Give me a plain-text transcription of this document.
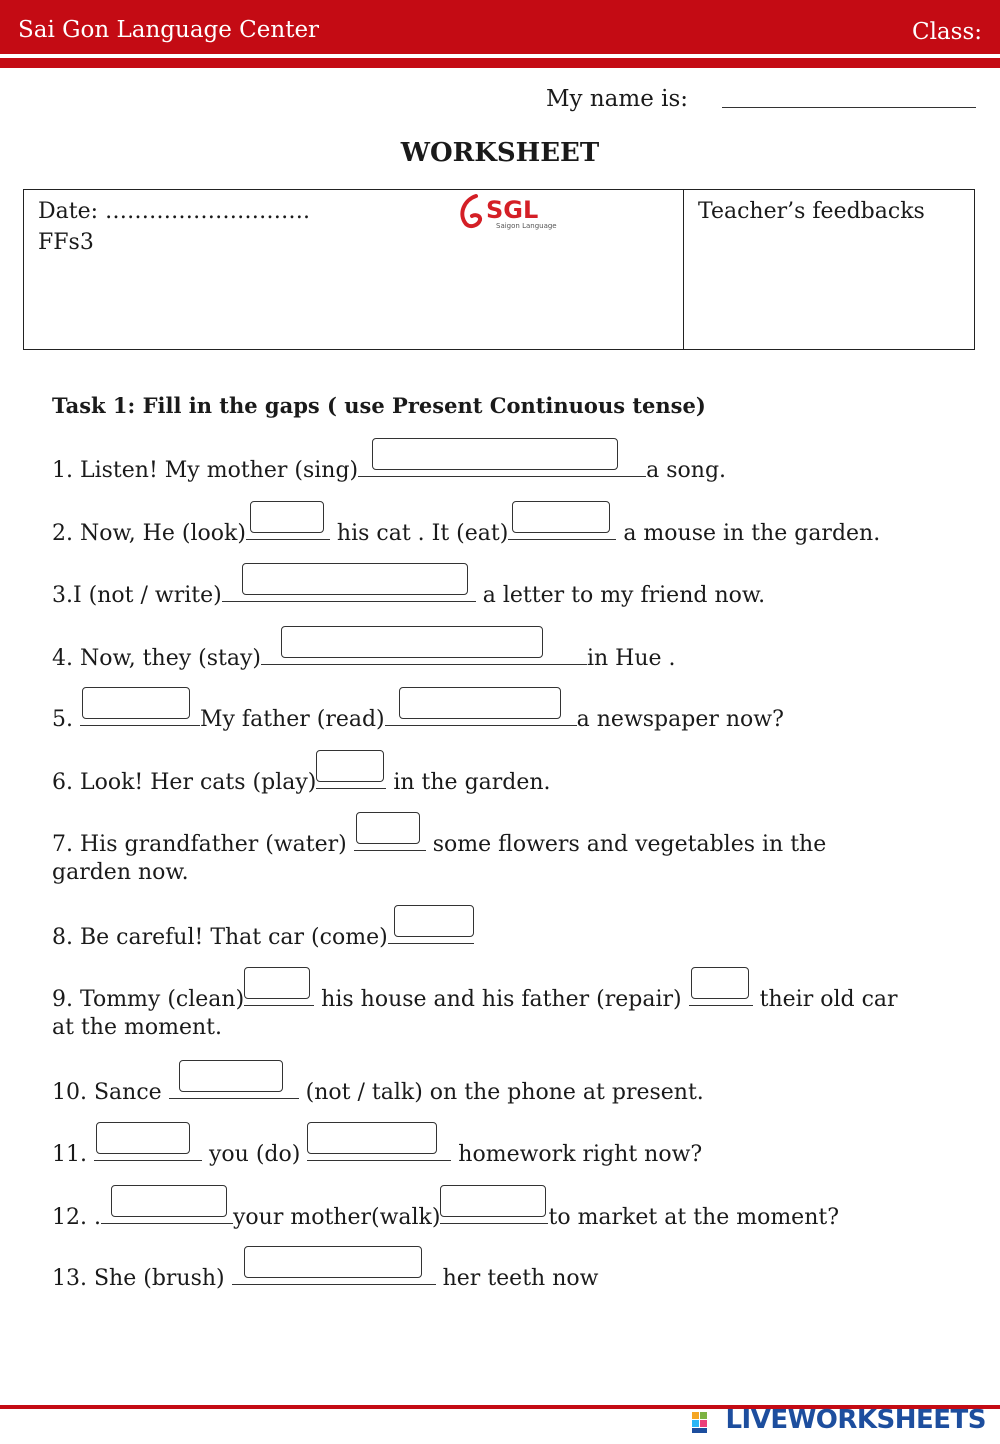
Sai Gon Language Center	Class:
My name is:
WORKSHEET
Date: ……………………….
FFs3
Teacher’s feedbacks
SGL
Saigon Language
Task 1: Fill in the gaps ( use Present Continuous tense)
1. Listen! My mother (sing)	a song.
2. Now, He (look)	his cat . It (eat)	a mouse in the garden.
3.I (not / write)	a letter to my friend now.
4. Now, they (stay)	in Hue .
5.	My father (read)	a newspaper now?
6. Look! Her cats (play)	in the garden.
7. His grandfather (water)	some flowers and vegetables in the
garden now.
8. Be careful! That car (come)
9. Tommy (clean)	his house and his father (repair)	their old car
at the moment.
10. Sance	(not / talk) on the phone at present.
11.	you (do)	homework right now?
12. .	your mother(walk)	to market at the moment?
13. She (brush)	her teeth now
LIVEWORKSHEETS
